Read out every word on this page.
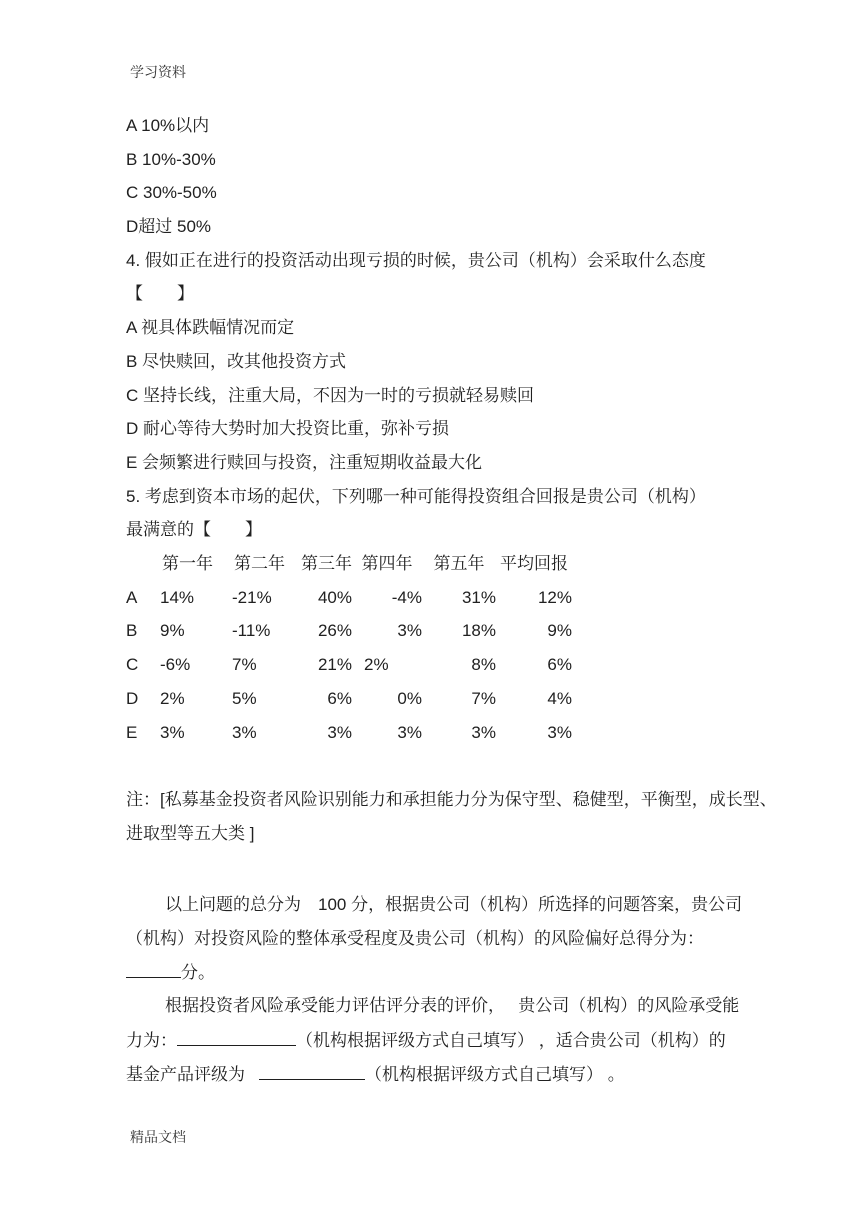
学习资料
A 10%以内
B 10%-30%
C 30%-50%
D超过 50%
4. 假如正在进行的投资活动出现亏损的时候，贵公司（机构）会采取什么态度
【　　】
A 视具体跌幅情况而定
B 尽快赎回，改其他投资方式
C 坚持长线，注重大局，不因为一时的亏损就轻易赎回
D 耐心等待大势时加大投资比重，弥补亏损
E 会频繁进行赎回与投资，注重短期收益最大化
5. 考虑到资本市场的起伏，下列哪一种可能得投资组合回报是贵公司（机构）
最满意的【　　】
	第一年	第二年	第三年	第四年	第五年	平均回报
A	14%	-21%	40%	-4%	31%	12%
B	9%	-11%	26%	3%	18%	9%
C	-6%	7%	21%	2%	8%	6%
D	2%	5%	6%	0%	7%	4%
E	3%	3%	3%	3%	3%	3%
注：[私募基金投资者风险识别能力和承担能力分为保守型、稳健型，平衡型，成长型、
进取型等五大类 ]
以上问题的总分为　100 分，根据贵公司（机构）所选择的问题答案，贵公司
（机构）对投资风险的整体承受程度及贵公司（机构）的风险偏好总得分为：
分。
根据投资者风险承受能力评估评分表的评价，　 贵公司（机构）的风险承受能
力为：	（机构根据评级方式自己填写） ，适合贵公司（机构）的
基金产品评级为	（机构根据评级方式自己填写） 。
精品文档
